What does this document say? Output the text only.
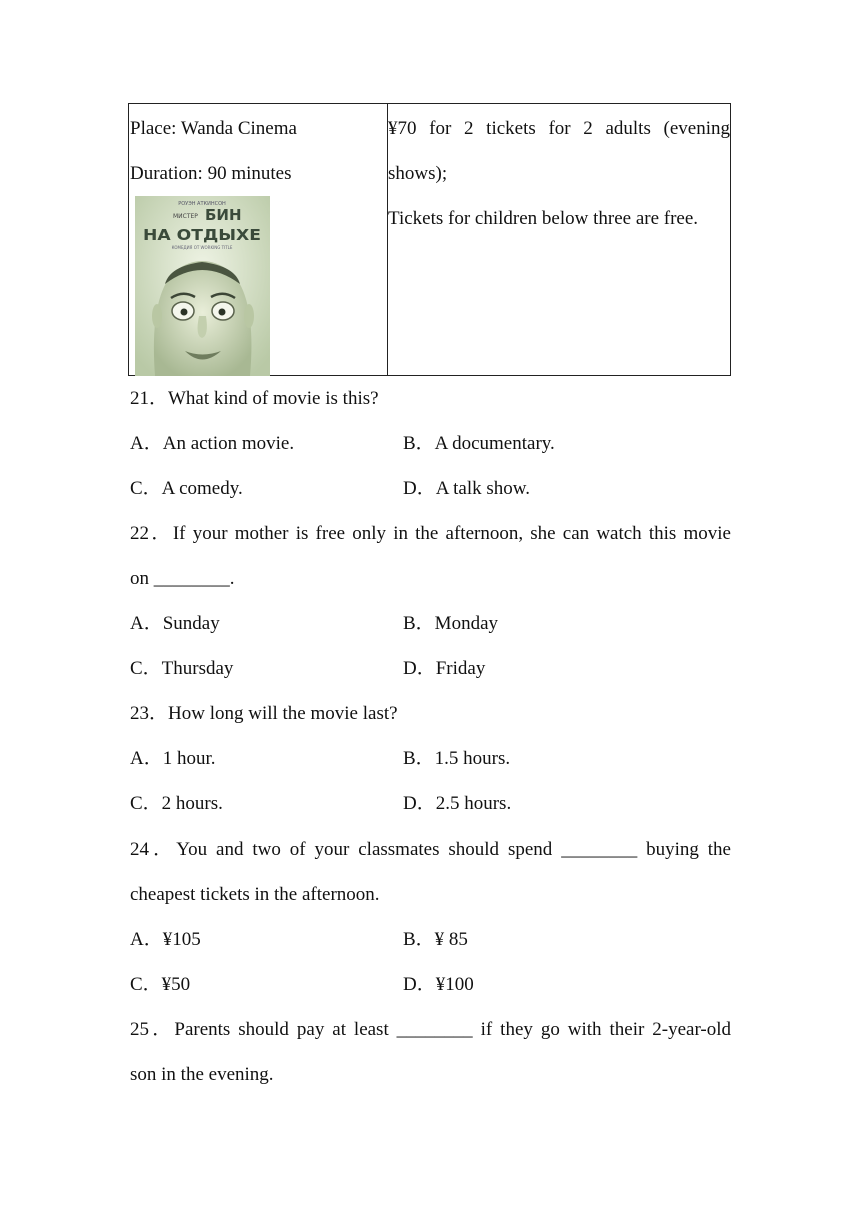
Place: Wanda Cinema
Duration: 90 minutes
РОУЭН АТКИНСОН
МИСТЕР БИН
НА ОТДЫХЕ
КОМЕДИЯ ОТ WORKING TITLE
¥70 for 2 tickets for 2 adults (evening
shows);
Tickets for children below three are free.
21．What kind of movie is this?
A．An action movie.	B．A documentary.
C．A comedy.	D．A talk show.
22．If your mother is free only in the afternoon, she can watch this movie
on ________.
A．Sunday	B．Monday
C．Thursday	D．Friday
23．How long will the movie last?
A．1 hour.	B．1.5 hours.
C．2 hours.	D．2.5 hours.
24．You and two of your classmates should spend ________ buying the
cheapest tickets in the afternoon.
A．¥105	B．¥ 85
C．¥50	D．¥100
25．Parents should pay at least ________ if they go with their 2-year-old
son in the evening.
